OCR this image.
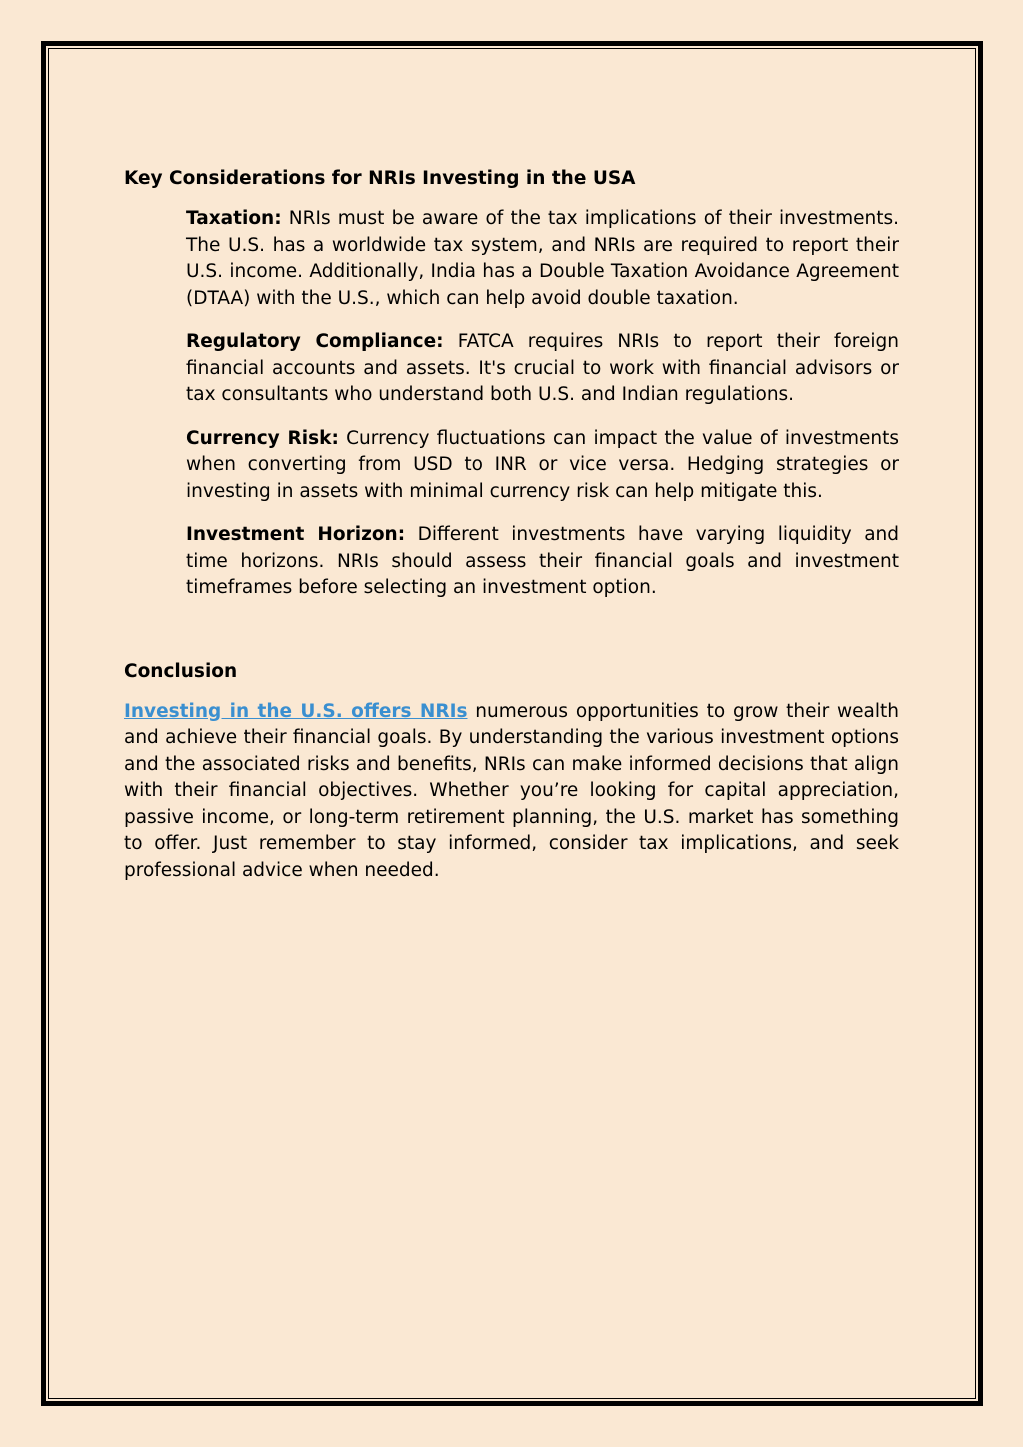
Key Considerations for NRIs Investing in the USA

Taxation: NRIs must be aware of the tax implications of their investments. The U.S. has a worldwide tax system, and NRIs are required to report their U.S. income. Additionally, India has a Double Taxation Avoidance Agreement (DTAA) with the U.S., which can help avoid double taxation.

Regulatory Compliance: FATCA requires NRIs to report their foreign financial accounts and assets. It's crucial to work with financial advisors or tax consultants who understand both U.S. and Indian regulations.

Currency Risk: Currency fluctuations can impact the value of investments when converting from USD to INR or vice versa. Hedging strategies or investing in assets with minimal currency risk can help mitigate this.

Investment Horizon: Different investments have varying liquidity and time horizons. NRIs should assess their financial goals and investment timeframes before selecting an investment option.

Conclusion

Investing in the U.S. offers NRIs numerous opportunities to grow their wealth and achieve their financial goals. By understanding the various investment options and the associated risks and benefits, NRIs can make informed decisions that align with their financial objectives. Whether you’re looking for capital appreciation, passive income, or long-term retirement planning, the U.S. market has something to offer. Just remember to stay informed, consider tax implications, and seek professional advice when needed.
